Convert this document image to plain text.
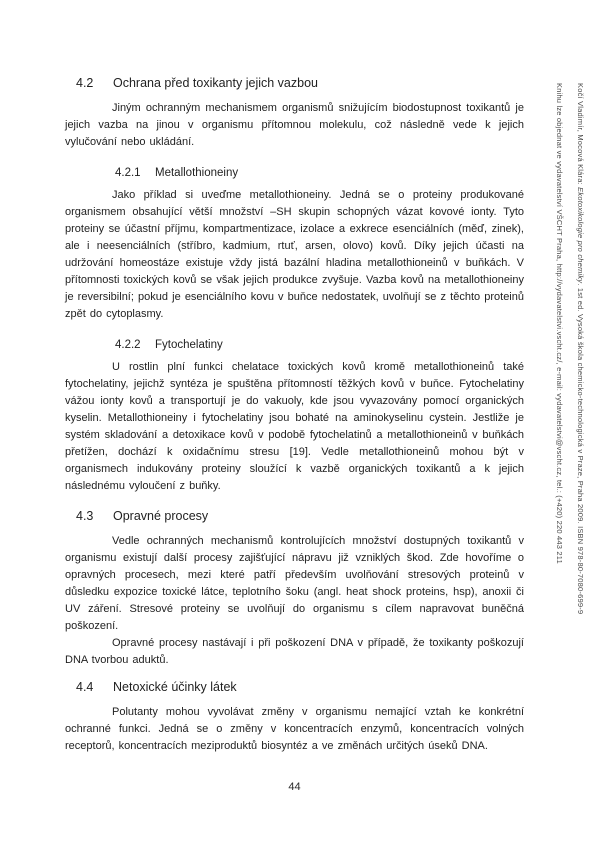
4.2	Ochrana před toxikanty jejich vazbou

Jiným ochranným mechanismem organismů snižujícím biodostupnost toxikantů je jejich vazba na jinou v organismu přítomnou molekulu, což následně vede k jejich vylučování nebo ukládání.

4.2.1	Metallothioneiny

Jako příklad si uveďme metallothioneiny. Jedná se o proteiny produkované organismem obsahující větší množství –SH skupin schopných vázat kovové ionty. Tyto proteiny se účastní příjmu, kompartmentizace, izolace a exkrece esenciálních (měď, zinek), ale i neesenciálních (stříbro, kadmium, rtuť, arsen, olovo) kovů. Díky jejich účasti na udržování homeostáze existuje vždy jistá bazální hladina metallothioneinů v buňkách. V přítomnosti toxických kovů se však jejich produkce zvyšuje. Vazba kovů na metallothioneiny je reversibilní; pokud je esenciálního kovu v buňce nedostatek, uvolňují se z těchto proteinů zpět do cytoplasmy.

4.2.2	Fytochelatiny

U rostlin plní funkci chelatace toxických kovů kromě metallothioneinů také fytochelatiny, jejichž syntéza je spuštěna přítomností těžkých kovů v buňce. Fytochelatiny vážou ionty kovů a transportují je do vakuoly, kde jsou vyvazovány pomocí organických kyselin. Metallothioneiny i fytochelatiny jsou bohaté na aminokyselinu cystein. Jestliže je systém skladování a detoxikace kovů v podobě fytochelatinů a metallothioneinů v buňkách přetížen, dochází k oxidačnímu stresu [19]. Vedle metallothioneinů mohou být v organismech indukovány proteiny sloužící k vazbě organických toxikantů a k jejich následnému vyloučení z buňky.

4.3	Opravné procesy

Vedle ochranných mechanismů kontrolujících množství dostupných toxikantů v organismu existují další procesy zajišťující nápravu již vzniklých škod. Zde hovoříme o opravných procesech, mezi které patří především uvolňování stresových proteinů v důsledku expozice toxické látce, teplotního šoku (angl. heat shock proteins, hsp), anoxii či UV záření. Stresové proteiny se uvolňují do organismu s cílem napravovat buněčná poškození.

Opravné procesy nastávají i při poškození DNA v případě, že toxikanty poškozují DNA tvorbou aduktů.

4.4	Netoxické účinky látek

Polutanty mohou vyvolávat změny v organismu nemající vztah ke konkrétní ochranné funkci. Jedná se o změny v koncentracích enzymů, koncentracích volných receptorů, koncentracích meziproduktů biosyntéz a ve změnách určitých úseků DNA.

44
Kočí Vladimír, Mocová Klára: Ekotoxikologie pro chemiky. 1st ed. Vysoká škola chemicko-technologická v Praze, Praha 2009. ISBN 978-80-7080-699-9
Knihu lze objednat ve vydavatelství VŠCHT Praha, http://vydavatelstvi.vscht.cz/, e-mail: vydavatelstvi@vscht.cz, tel.: (+420) 220 443 211
